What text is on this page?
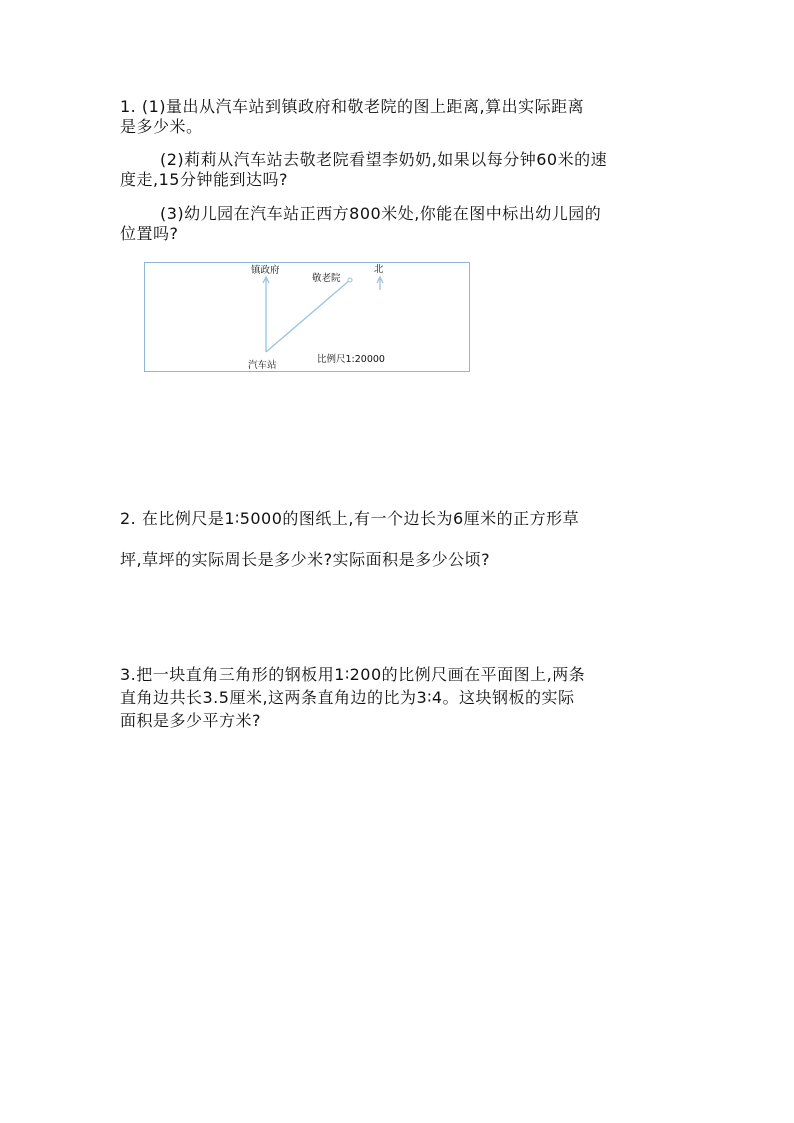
1. (1)量出从汽车站到镇政府和敬老院的图上距离,算出实际距离
是多少米。
(2)莉莉从汽车站去敬老院看望李奶奶,如果以每分钟60米的速
度走,15分钟能到达吗?
(3)幼儿园在汽车站正西方800米处,你能在图中标出幼儿园的
位置吗?
镇政府
敬老院
北
汽车站
比例尺1:20000
2. 在比例尺是1∶5000的图纸上,有一个边长为6厘米的正方形草
坪,草坪的实际周长是多少米?实际面积是多少公顷?
3.把一块直角三角形的钢板用1∶200的比例尺画在平面图上,两条
直角边共长3.5厘米,这两条直角边的比为3∶4。这块钢板的实际
面积是多少平方米?
